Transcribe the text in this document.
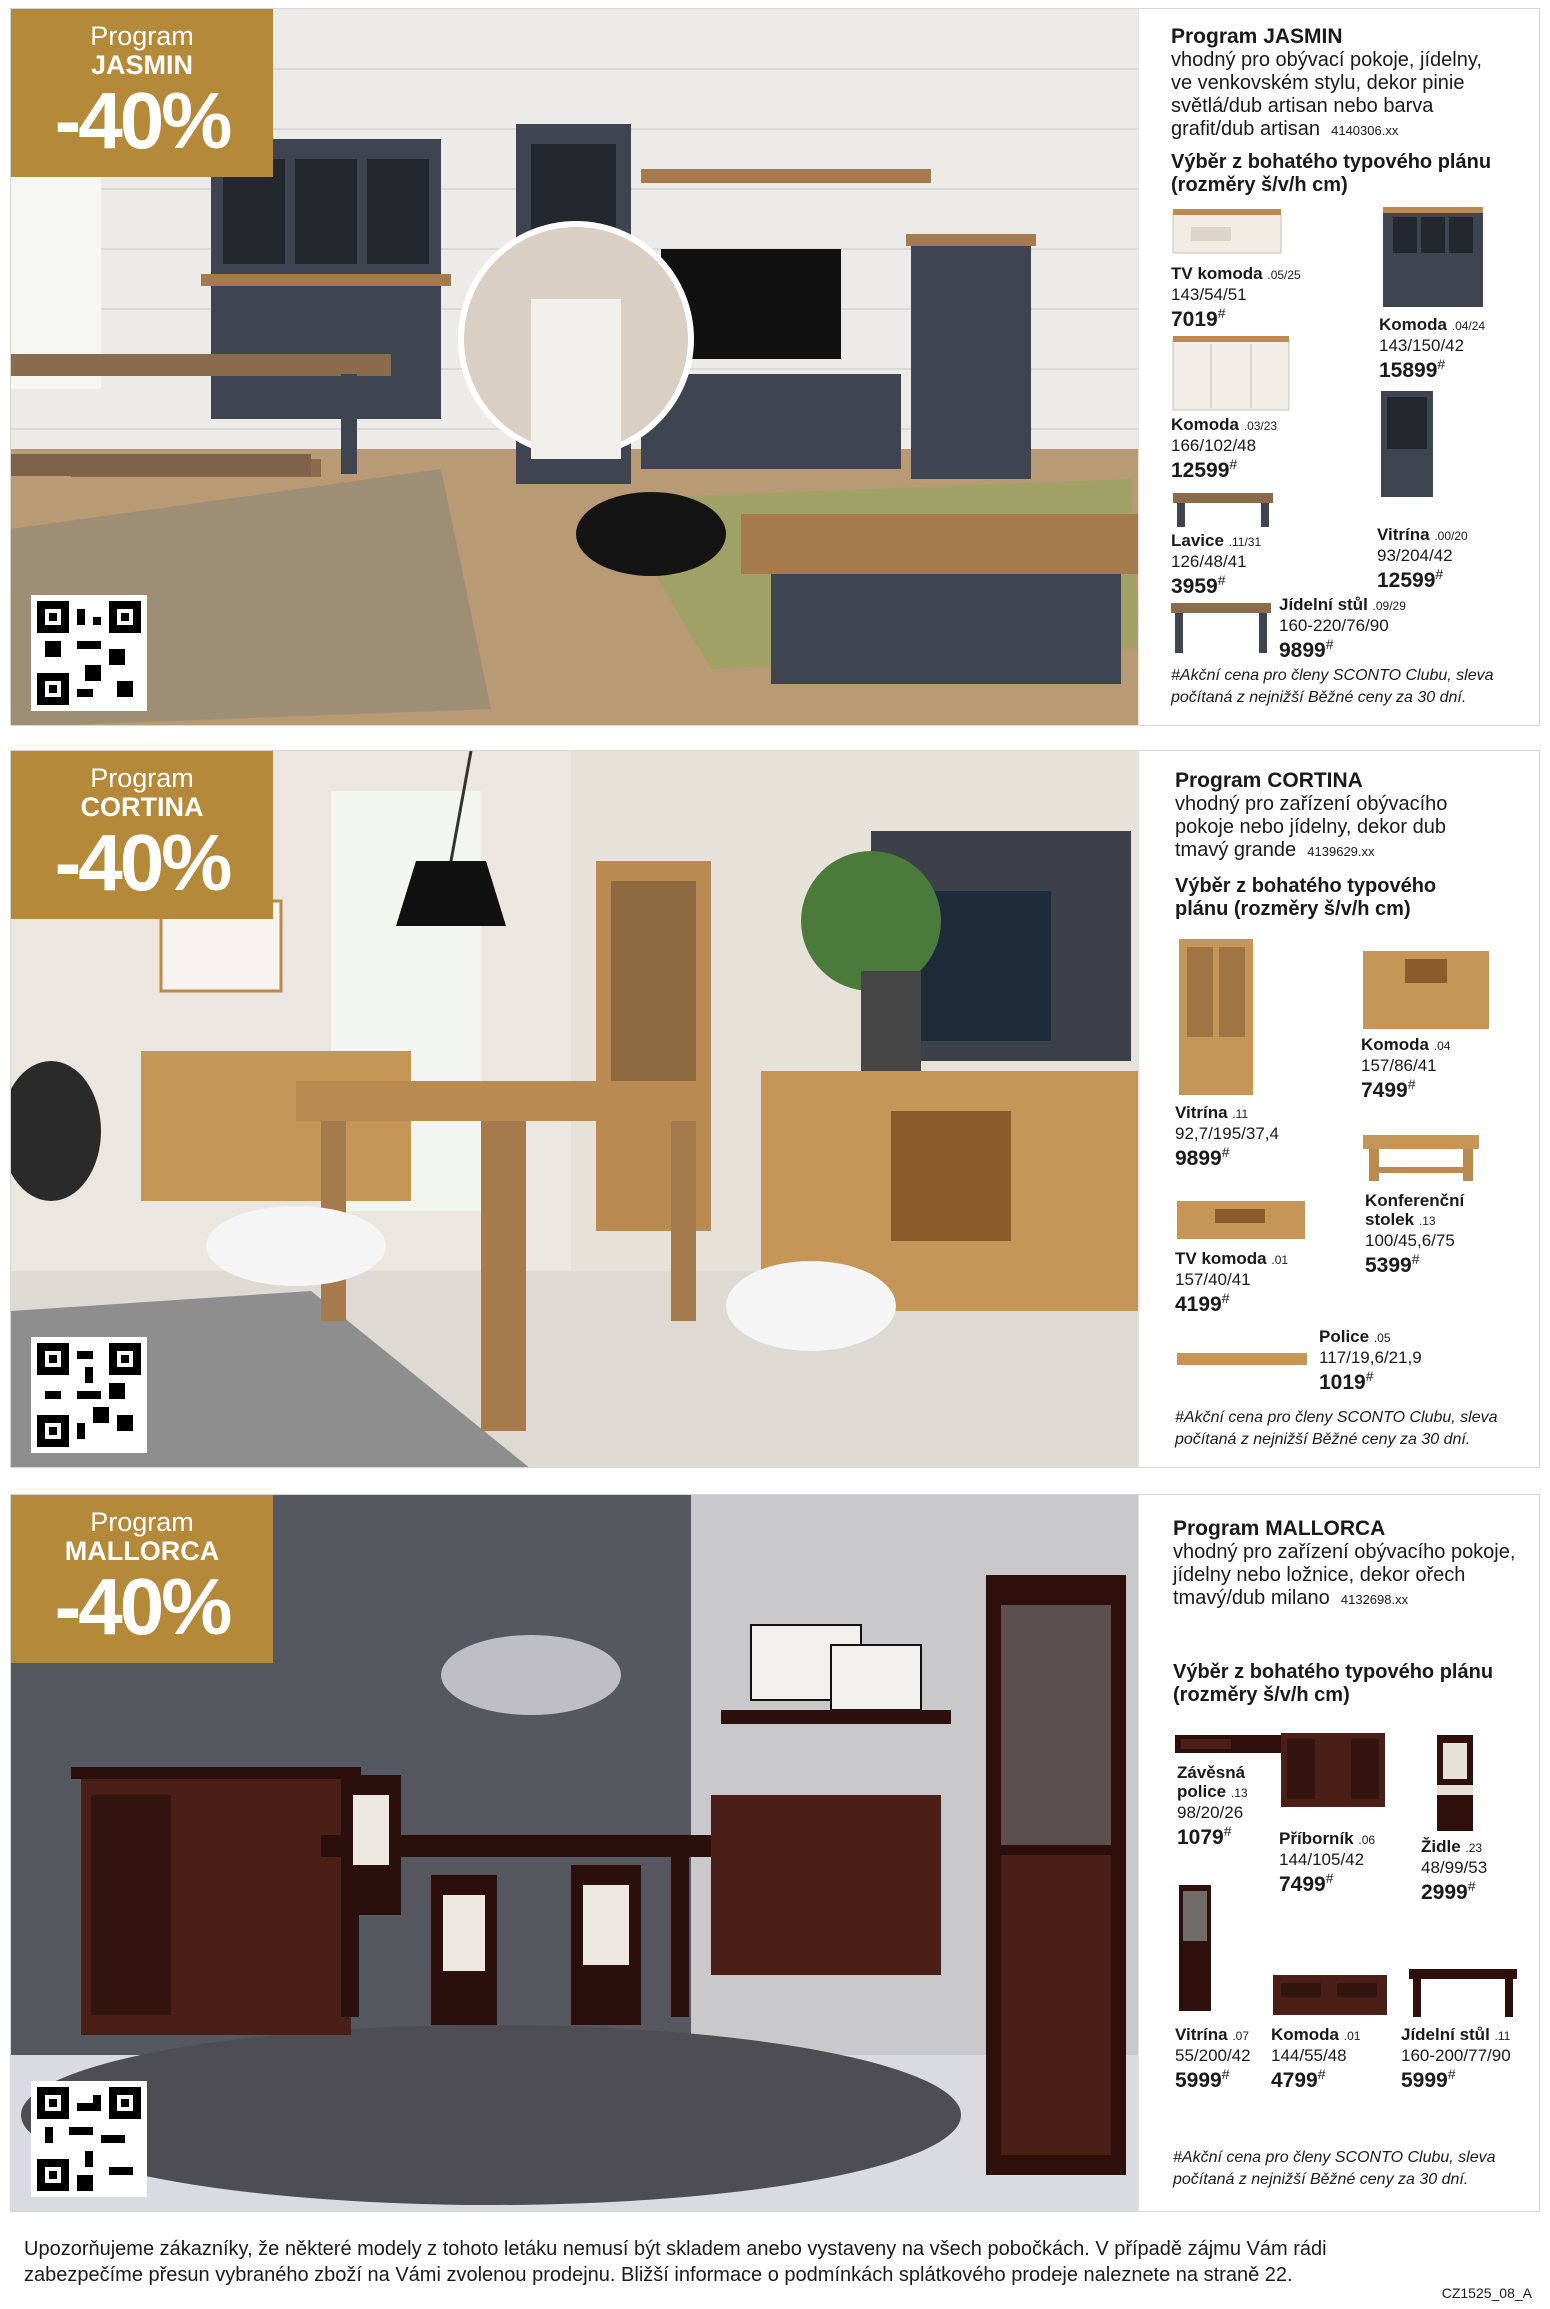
Program
JASMIN
-40%
Program JASMIN
vhodný pro obývací pokoje, jídelny,
ve venkovském stylu, dekor pinie
světlá/dub artisan nebo barva
grafit/dub artisan 4140306.xx
Výběr z bohatého typového plánu
(rozměry š/v/h cm)
TV komoda .05/25
143/54/51
7019#
Komoda .04/24
143/150/42
15899#
Komoda .03/23
166/102/48
12599#
Vitrína .00/20
93/204/42
12599#
Lavice .11/31
126/48/41
3959#
Jídelní stůl .09/29
160-220/76/90
9899#
#Akční cena pro členy SCONTO Clubu, sleva
počítaná z nejnižší Běžné ceny za 30 dní.
Program
CORTINA
-40%
Program CORTINA
vhodný pro zařízení obývacího
pokoje nebo jídelny, dekor dub
tmavý grande 4139629.xx
Výběr z bohatého typového
plánu (rozměry š/v/h cm)
Vitrína .11
92,7/195/37,4
9899#
Komoda .04
157/86/41
7499#
Konferenční
stolek .13
100/45,6/75
5399#
TV komoda .01
157/40/41
4199#
Police .05
117/19,6/21,9
1019#
#Akční cena pro členy SCONTO Clubu, sleva
počítaná z nejnižší Běžné ceny za 30 dní.
Program
MALLORCA
-40%
Program MALLORCA
vhodný pro zařízení obývacího pokoje,
jídelny nebo ložnice, dekor ořech
tmavý/dub milano 4132698.xx
Výběr z bohatého typového plánu
(rozměry š/v/h cm)
Závěsná
police .13
98/20/26
1079#	Příborník .06
144/105/42
7499#
Židle .23
48/99/53
2999#
Vitrína .07
55/200/42
5999#
Komoda .01
144/55/48
4799#
Jídelní stůl .11
160-200/77/90
5999#
#Akční cena pro členy SCONTO Clubu, sleva
počítaná z nejnižší Běžné ceny za 30 dní.
Upozorňujeme zákazníky, že některé modely z tohoto letáku nemusí být skladem anebo vystaveny na všech pobočkách. V případě zájmu Vám rádi
zabezpečíme přesun vybraného zboží na Vámi zvolenou prodejnu. Bližší informace o podmínkách splátkového prodeje naleznete na straně 22.
CZ1525_08_A
